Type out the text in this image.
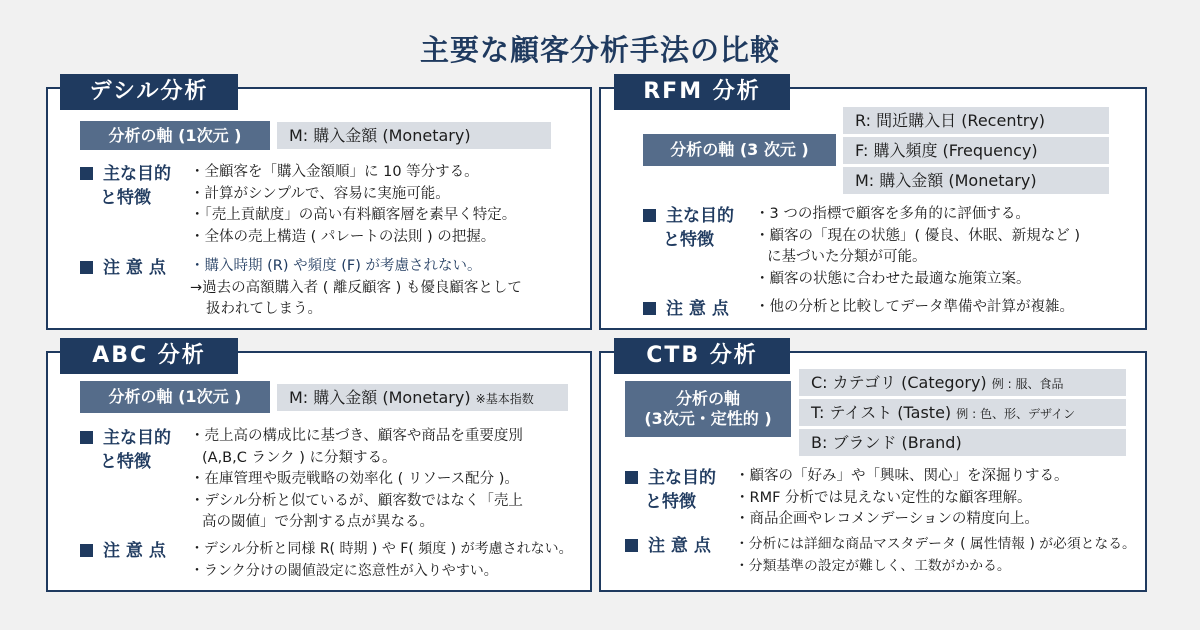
主要な顧客分析手法の比較
デシル分析
分析の軸 (1次元 )	M: 購入金額 (Monetary)
主な目的
と特徴
・全顧客を「購入金額順」に 10 等分する。
・計算がシンプルで、容易に実施可能。
・「売上貢献度」の高い有料顧客層を素早く特定。
・全体の売上構造 ( パレートの法則 ) の把握。
注 意 点 ・購入時期 (R) や頻度 (F) が考慮されない。
→過去の高額購入者 ( 離反顧客 ) も優良顧客として
扱われてしまう。
RFM 分析
分析の軸 (3 次元 )
R: 間近購入日 (Recentry)
F: 購入頻度 (Frequency)
M: 購入金額 (Monetary)
主な目的
と特徴
・3 つの指標で顧客を多角的に評価する。
・顧客の「現在の状態」( 優良、休眠、新規など )
に基づいた分類が可能。
・顧客の状態に合わせた最適な施策立案。
注 意 点 ・他の分析と比較してデータ準備や計算が複雑。
ABC 分析
分析の軸 (1次元 )	M: 購入金額 (Monetary) ※基本指数
主な目的
と特徴
・売上高の構成比に基づき、顧客や商品を重要度別
(A,B,C ランク ) に分類する。
・在庫管理や販売戦略の効率化 ( リソース配分 )。
・デシル分析と似ているが、顧客数ではなく「売上
高の閾値」で分割する点が異なる。
注 意 点 ・デシル分析と同様 R( 時期 ) や F( 頻度 ) が考慮されない。
・ランク分けの閾値設定に恣意性が入りやすい。
CTB 分析
分析の軸
(3次元・定性的 )
C: カテゴリ (Category) 例 : 服、食品
T: テイスト (Taste) 例 : 色、形、デザイン
B: ブランド (Brand)
主な目的
と特徴
・顧客の「好み」や「興味、関心」を深掘りする。
・RMF 分析では見えない定性的な顧客理解。
・商品企画やレコメンデーションの精度向上。
注 意 点 ・分析には詳細な商品マスタデータ ( 属性情報 ) が必須となる。
・分類基準の設定が難しく、工数がかかる。
